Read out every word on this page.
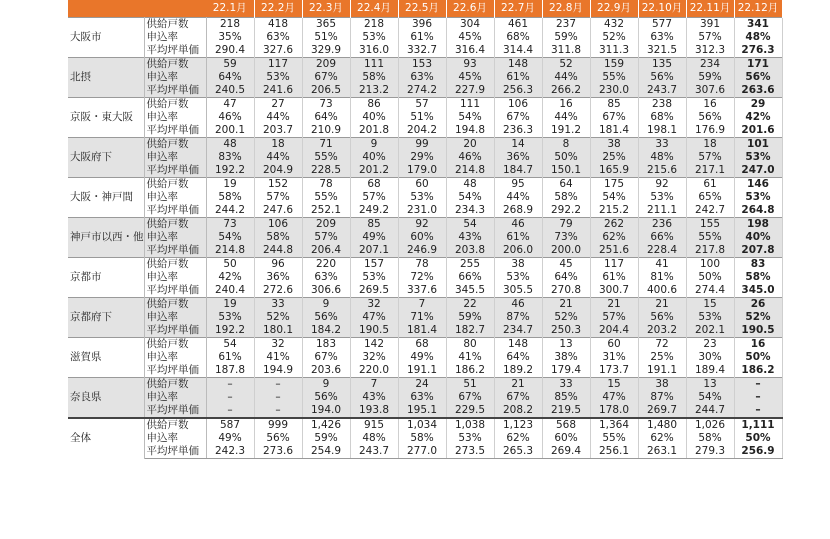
		22.1月	22.2月	22.3月	22.4月	22.5月	22.6月	22.7月	22.8月	22.9月	22.10月	22.11月	22.12月
大阪市	供給戸数	218	418	365	218	396	304	461	237	432	577	391	341
	申込率	35%	63%	51%	53%	61%	45%	68%	59%	52%	63%	57%	48%
	平均坪単価	290.4	327.6	329.9	316.0	332.7	316.4	314.4	311.8	311.3	321.5	312.3	276.3
北摂	供給戸数	59	117	209	111	153	93	148	52	159	135	234	171
	申込率	64%	53%	67%	58%	63%	45%	61%	44%	55%	56%	59%	56%
	平均坪単価	240.5	241.6	206.5	213.2	274.2	227.9	256.3	266.2	230.0	243.7	307.6	263.6
京阪・東大阪	供給戸数	47	27	73	86	57	111	106	16	85	238	16	29
	申込率	46%	44%	64%	40%	51%	54%	67%	44%	67%	68%	56%	42%
	平均坪単価	200.1	203.7	210.9	201.8	204.2	194.8	236.3	191.2	181.4	198.1	176.9	201.6
大阪府下	供給戸数	48	18	71	9	99	20	14	8	38	33	18	101
	申込率	83%	44%	55%	40%	29%	46%	36%	50%	25%	48%	57%	53%
	平均坪単価	192.2	204.9	228.5	201.2	179.0	214.8	184.7	150.1	165.9	215.6	217.1	247.0
大阪・神戸間	供給戸数	19	152	78	68	60	48	95	64	175	92	61	146
	申込率	58%	57%	55%	57%	53%	54%	44%	58%	54%	53%	65%	53%
	平均坪単価	244.2	247.6	252.1	249.2	231.0	234.3	268.9	292.2	215.2	211.1	242.7	264.8
神戸市以西・他	供給戸数	73	106	209	85	92	54	46	79	262	236	155	198
	申込率	54%	58%	57%	49%	60%	43%	61%	73%	62%	66%	55%	40%
	平均坪単価	214.8	244.8	206.4	207.1	246.9	203.8	206.0	200.0	251.6	228.4	217.8	207.8
京都市	供給戸数	50	96	220	157	78	255	38	45	117	41	100	83
	申込率	42%	36%	63%	53%	72%	66%	53%	64%	61%	81%	50%	58%
	平均坪単価	240.4	272.6	306.6	269.5	337.6	345.5	305.5	270.8	300.7	400.6	274.4	345.0
京都府下	供給戸数	19	33	9	32	7	22	46	21	21	21	15	26
	申込率	53%	52%	56%	47%	71%	59%	87%	52%	57%	56%	53%	52%
	平均坪単価	192.2	180.1	184.2	190.5	181.4	182.7	234.7	250.3	204.4	203.2	202.1	190.5
滋賀県	供給戸数	54	32	183	142	68	80	148	13	60	72	23	16
	申込率	61%	41%	67%	32%	49%	41%	64%	38%	31%	25%	30%	50%
	平均坪単価	187.8	194.9	203.6	220.0	191.1	186.2	189.2	179.4	173.7	191.1	189.4	186.2
奈良県	供給戸数	–	–	9	7	24	51	21	33	15	38	13	–
	申込率	–	–	56%	43%	63%	67%	67%	85%	47%	87%	54%	–
	平均坪単価	–	–	194.0	193.8	195.1	229.5	208.2	219.5	178.0	269.7	244.7	–
全体	供給戸数	587	999	1,426	915	1,034	1,038	1,123	568	1,364	1,480	1,026	1,111
	申込率	49%	56%	59%	48%	58%	53%	62%	60%	55%	62%	58%	50%
	平均坪単価	242.3	273.6	254.9	243.7	277.0	273.5	265.3	269.4	256.1	263.1	279.3	256.9
